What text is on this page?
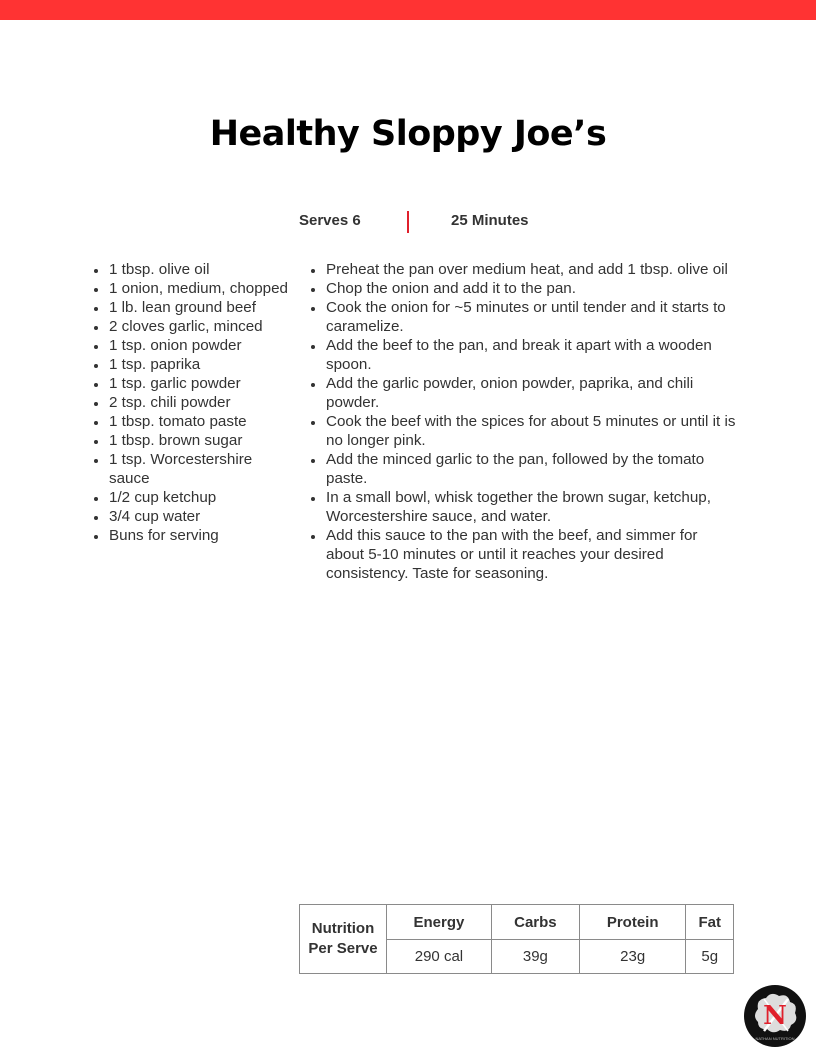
Healthy Sloppy Joe’s
Serves 6	25 Minutes
1 tbsp. olive oil
1 onion, medium, chopped
1 lb. lean ground beef
2 cloves garlic, minced
1 tsp. onion powder
1 tsp. paprika
1 tsp. garlic powder
2 tsp. chili powder
1 tbsp. tomato paste
1 tbsp. brown sugar
1 tsp. Worcestershire sauce
1/2 cup ketchup
3/4 cup water
Buns for serving
Preheat the pan over medium heat, and add 1 tbsp. olive oil
Chop the onion and add it to the pan.
Cook the onion for ~5 minutes or until tender and it starts to caramelize.
Add the beef to the pan, and break it apart with a wooden spoon.
Add the garlic powder, onion powder, paprika, and chili powder.
Cook the beef with the spices for about 5 minutes or until it is no longer pink.
Add the minced garlic to the pan, followed by the tomato paste.
In a small bowl, whisk together the brown sugar, ketchup, Worcestershire sauce, and water.
Add this sauce to the pan with the beef, and simmer for about 5-10 minutes or until it reaches your desired consistency. Taste for seasoning.
Nutrition Per Serve	Energy	Carbs	Protein	Fat
	290 cal	39g	23g	5g
N
NATHAN NUTRITION
